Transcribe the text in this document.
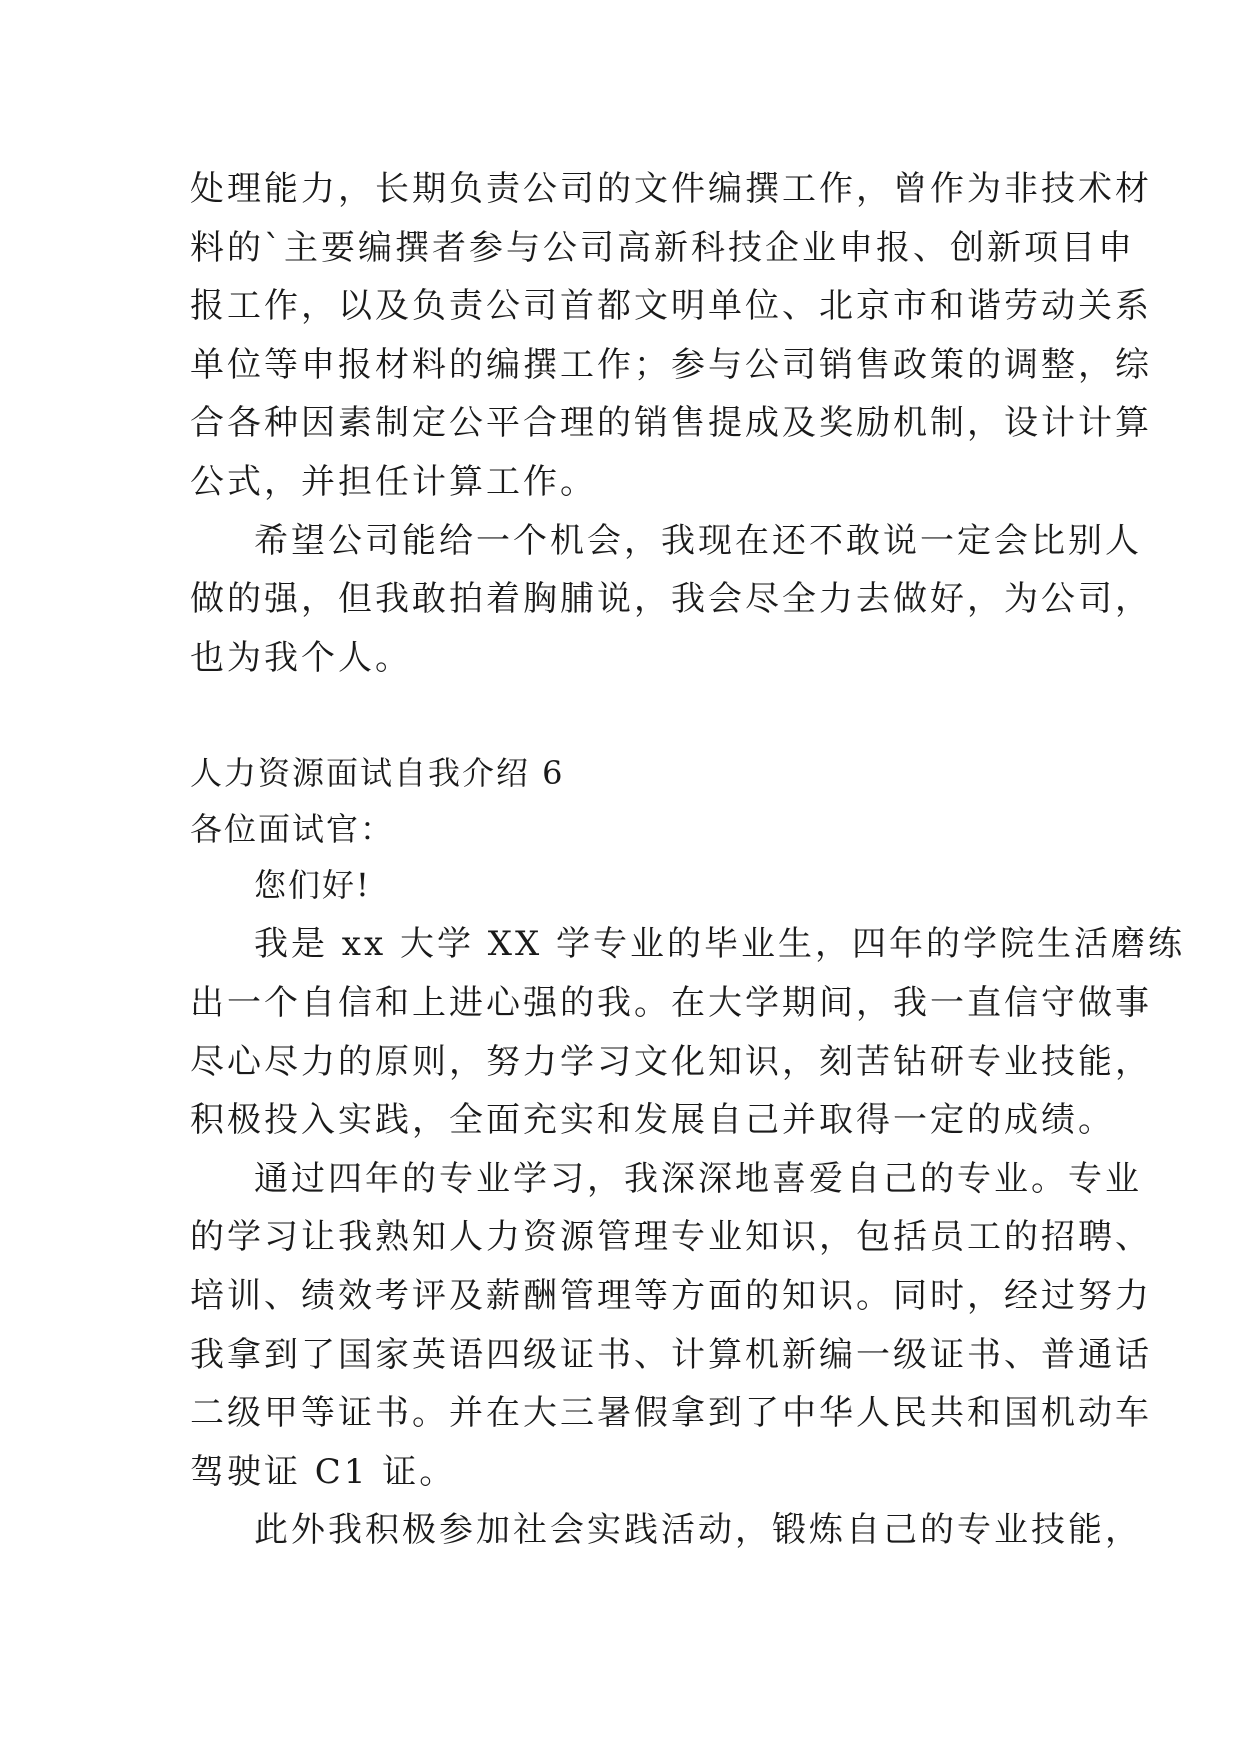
处理能力，长期负责公司的文件编撰工作，曾作为非技术材
料的`主要编撰者参与公司高新科技企业申报、创新项目申
报工作，以及负责公司首都文明单位、北京市和谐劳动关系
单位等申报材料的编撰工作；参与公司销售政策的调整，综
合各种因素制定公平合理的销售提成及奖励机制，设计计算
公式，并担任计算工作。

希望公司能给一个机会，我现在还不敢说一定会比别人
做的强，但我敢拍着胸脯说，我会尽全力去做好，为公司，
也为我个人。

人力资源面试自我介绍 6

各位面试官：

您们好!

我是 xx 大学 XX 学专业的毕业生，四年的学院生活磨练
出一个自信和上进心强的我。在大学期间，我一直信守做事
尽心尽力的原则，努力学习文化知识，刻苦钻研专业技能，
积极投入实践，全面充实和发展自己并取得一定的成绩。

通过四年的专业学习，我深深地喜爱自己的专业。专业
的学习让我熟知人力资源管理专业知识，包括员工的招聘、
培训、绩效考评及薪酬管理等方面的知识。同时，经过努力
我拿到了国家英语四级证书、计算机新编一级证书、普通话
二级甲等证书。并在大三暑假拿到了中华人民共和国机动车
驾驶证 C1 证。

此外我积极参加社会实践活动，锻炼自己的专业技能，
